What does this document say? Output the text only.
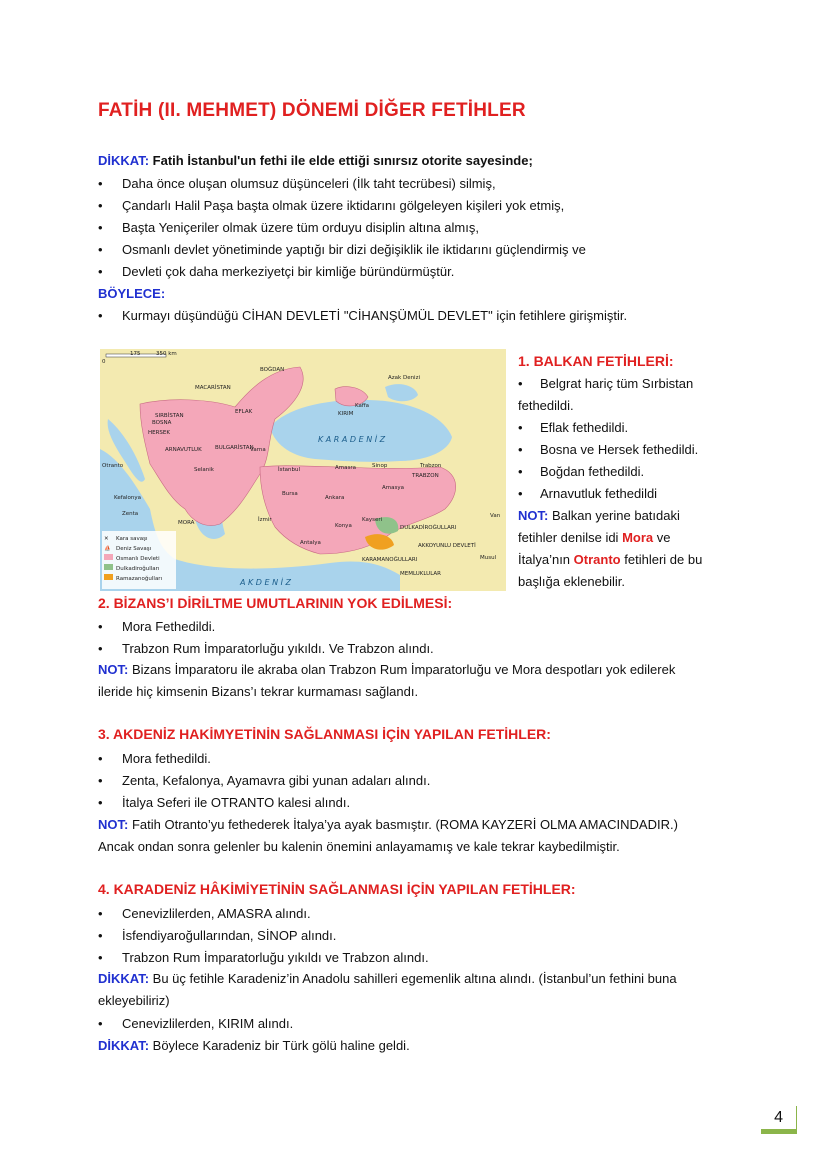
FATİH (II. MEHMET) DÖNEMİ DİĞER FETİHLER
DİKKAT: Fatih İstanbul'un fethi ile elde ettiği sınırsız otorite sayesinde;
• Daha önce oluşan olumsuz düşünceleri (İlk taht tecrübesi) silmiş,
• Çandarlı Halil Paşa başta olmak üzere iktidarını gölgeleyen kişileri yok etmiş,
• Başta Yeniçeriler olmak üzere tüm orduyu disiplin altına almış,
• Osmanlı devlet yönetiminde yaptığı bir dizi değişiklik ile iktidarını güçlendirmiş ve
• Devleti çok daha merkeziyetçi bir kimliğe büründürmüştür.
BÖYLECE:
• Kurmayı düşündüğü CİHAN DEVLETİ "CİHANŞÜMÜL DEVLET" için fetihlere girişmiştir.
0
175	350 km
MACARİSTAN
BOĞDAN
EFLAK
SIRBİSTAN
BOSNA
HERSEK
ARNAVUTLUK BULGARİSTAN
MORA
KIRIM
TRABZON
KARAMANOĞULLARI
AKKOYUNLU DEVLETİ
MEMLUKLULAR
DULKADİROĞULLARI
Varna
İstanbul
Bursa
Amasra	Sinop
Amasya
Ankara
Konya
Antalya
Kayseri
İzmir
Trabzon
Van
Musul
Selanik
Otranto
Kefalonya
Zenta
Azak Denizi
Kaffa
K A R A D E N İ Z
A K D E N İ Z
✕ Kara savaşı
⛵ Deniz Savaşı
Osmanlı Devleti
Dulkadiroğulları
Ramazanoğulları
1. BALKAN FETİHLERİ:
• Belgrat hariç tüm Sırbistan
fethedildi.
• Eflak fethedildi.
• Bosna ve Hersek fethedildi.
• Boğdan fethedildi.
• Arnavutluk fethedildi
NOT: Balkan yerine batıdaki
fetihler denilse idi Mora ve
İtalya’nın Otranto fetihleri de bu
başlığa eklenebilir.
2. BİZANS’I DİRİLTME UMUTLARININ YOK EDİLMESİ:
• Mora Fethedildi.
• Trabzon Rum İmparatorluğu yıkıldı. Ve Trabzon alındı.
NOT: Bizans İmparatoru ile akraba olan Trabzon Rum İmparatorluğu ve Mora despotları yok edilerek
ileride hiç kimsenin Bizans’ı tekrar kurmaması sağlandı.
3. AKDENİZ HAKİMYETİNİN SAĞLANMASI İÇİN YAPILAN FETİHLER:
• Mora fethedildi.
• Zenta, Kefalonya, Ayamavra gibi yunan adaları alındı.
• İtalya Seferi ile OTRANTO kalesi alındı.
NOT: Fatih Otranto’yu fethederek İtalya’ya ayak basmıştır. (ROMA KAYZERİ OLMA AMACINDADIR.)
Ancak ondan sonra gelenler bu kalenin önemini anlayamamış ve kale tekrar kaybedilmiştir.
4. KARADENİZ HÂKİMİYETİNİN SAĞLANMASI İÇİN YAPILAN FETİHLER:
• Cenevizlilerden, AMASRA alındı.
• İsfendiyaroğullarından, SİNOP alındı.
• Trabzon Rum İmparatorluğu yıkıldı ve Trabzon alındı.
DİKKAT: Bu üç fetihle Karadeniz’in Anadolu sahilleri egemenlik altına alındı. (İstanbul’un fethini buna
ekleyebiliriz)
• Cenevizlilerden, KIRIM alındı.
DİKKAT: Böylece Karadeniz bir Türk gölü haline geldi.
4
